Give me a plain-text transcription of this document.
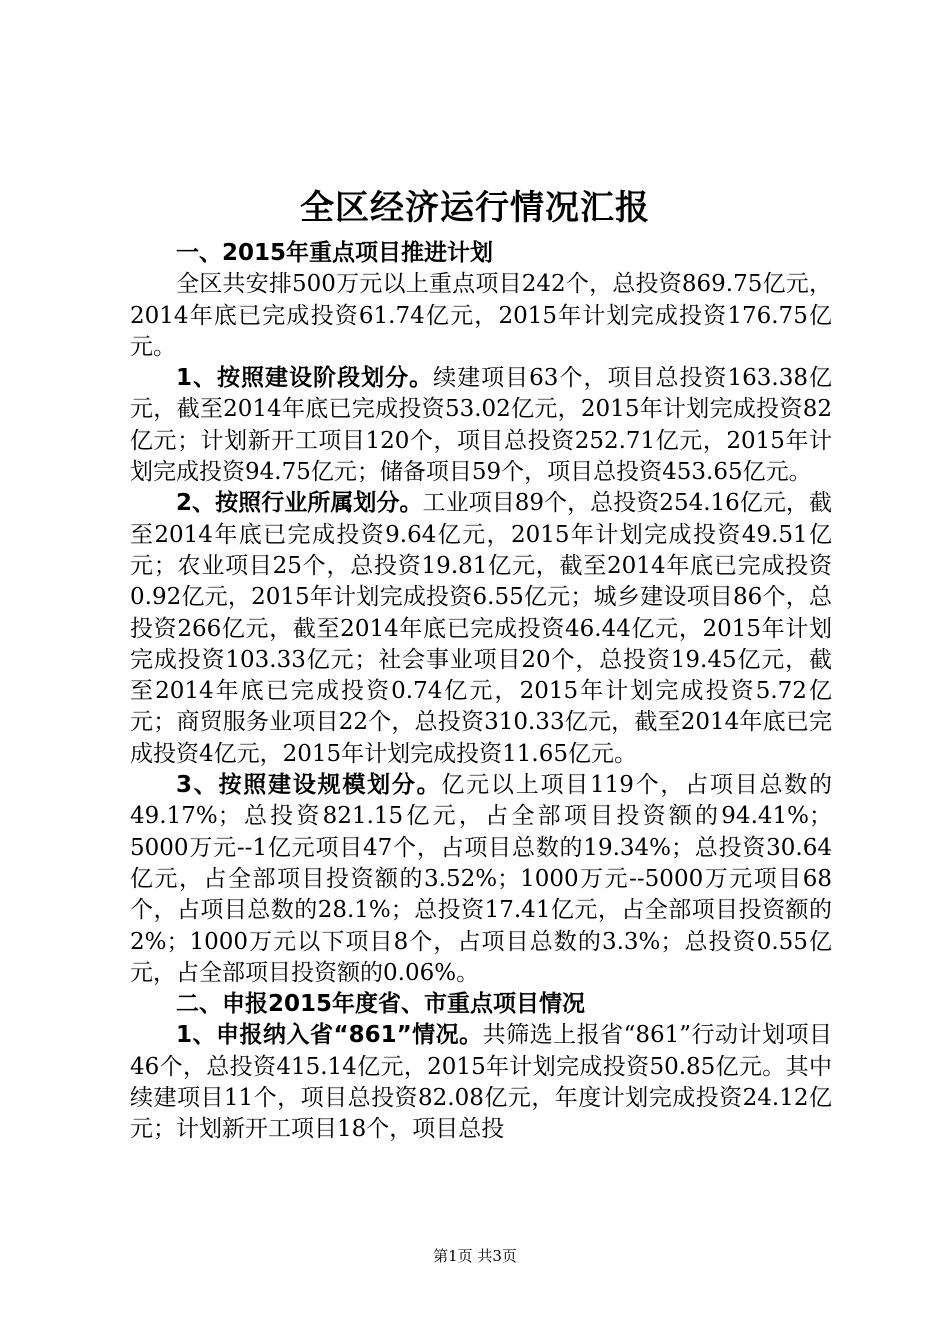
全区经济运行情况汇报

一、2015年重点项目推进计划

全区共安排500万元以上重点项目242个，总投资869.75亿元，2014年底已完成投资61.74亿元，2015年计划完成投资176.75亿元。

1、按照建设阶段划分。续建项目63个，项目总投资163.38亿元，截至2014年底已完成投资53.02亿元，2015年计划完成投资82亿元；计划新开工项目120个，项目总投资252.71亿元，2015年计划完成投资94.75亿元；储备项目59个，项目总投资453.65亿元。

2、按照行业所属划分。工业项目89个，总投资254.16亿元，截至2014年底已完成投资9.64亿元，2015年计划完成投资49.51亿元；农业项目25个，总投资19.81亿元，截至2014年底已完成投资0.92亿元，2015年计划完成投资6.55亿元；城乡建设项目86个，总投资266亿元，截至2014年底已完成投资46.44亿元，2015年计划完成投资103.33亿元；社会事业项目20个，总投资19.45亿元，截至2014年底已完成投资0.74亿元，2015年计划完成投资5.72亿元；商贸服务业项目22个，总投资310.33亿元，截至2014年底已完成投资4亿元，2015年计划完成投资11.65亿元。

3、按照建设规模划分。亿元以上项目119个，占项目总数的49.17%；总投资821.15亿元，占全部项目投资额的94.41%；5000万元--1亿元项目47个，占项目总数的19.34%；总投资30.64亿元，占全部项目投资额的3.52%；1000万元--5000万元项目68个，占项目总数的28.1%；总投资17.41亿元，占全部项目投资额的2%；1000万元以下项目8个，占项目总数的3.3%；总投资0.55亿元，占全部项目投资额的0.06%。

二、申报2015年度省、市重点项目情况

1、申报纳入省“861”情况。共筛选上报省“861”行动计划项目46个，总投资415.14亿元，2015年计划完成投资50.85亿元。其中续建项目11个，项目总投资82.08亿元，年度计划完成投资24.12亿元；计划新开工项目18个，项目总投

第1页 共3页
